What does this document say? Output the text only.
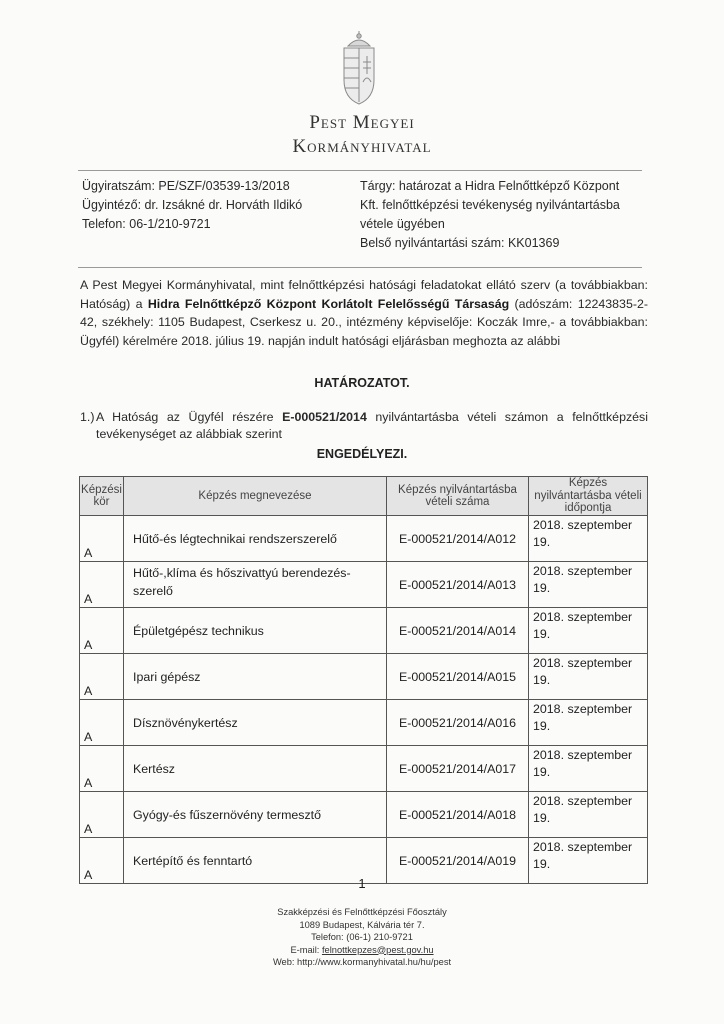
Pest Megyei
Kormányhivatal
Ügyiratszám: PE/SZF/03539-13/2018
Ügyintéző: dr. Izsákné dr. Horváth Ildikó
Telefon: 06-1/210-9721
Tárgy: határozat a Hidra Felnőttképző Központ
Kft. felnőttképzési tevékenység nyilvántartásba
vétele ügyében
Belső nyilvántartási szám: KK01369
A Pest Megyei Kormányhivatal, mint felnőttképzési hatósági feladatokat ellátó szerv (a továbbiakban: Hatóság) a Hidra Felnőttképző Központ Korlátolt Felelősségű Társaság (adószám: 12243835-2-42, székhely: 1105 Budapest, Cserkesz u. 20., intézmény képviselője: Koczák Imre,- a továbbiakban: Ügyfél) kérelmére 2018. július 19. napján indult hatósági eljárásban meghozta az alábbi
HATÁROZATOT.
1.) A Hatóság az Ügyfél részére E-000521/2014 nyilvántartásba vételi számon a felnőttképzési tevékenységet az alábbiak szerint
ENGEDÉLYEZI.
Képzési kör	Képzés megnevezése	Képzés nyilvántartásba vételi száma	Képzés nyilvántartásba vételi időpontja

A	Hűtő-és légtechnikai rendszerszerelő	E-000521/2014/A012	2018. szeptember 19.

A	Hűtő-,klíma és hőszivattyú berendezés-szerelő	E-000521/2014/A013	2018. szeptember 19.

A	Épületgépész technikus	E-000521/2014/A014	2018. szeptember 19.

A	Ipari gépész	E-000521/2014/A015	2018. szeptember 19.

A	Dísznövénykertész	E-000521/2014/A016	2018. szeptember 19.

A	Kertész	E-000521/2014/A017	2018. szeptember 19.

A	Gyógy-és fűszernövény termesztő	E-000521/2014/A018	2018. szeptember 19.

A	Kertépítő és fenntartó	E-000521/2014/A019	2018. szeptember 19.
1
Szakképzési és Felnőttképzési Főosztály
1089 Budapest, Kálvária tér 7.
Telefon: (06-1) 210-9721
E-mail: felnottkepzes@pest.gov.hu
Web: http://www.kormanyhivatal.hu/hu/pest
